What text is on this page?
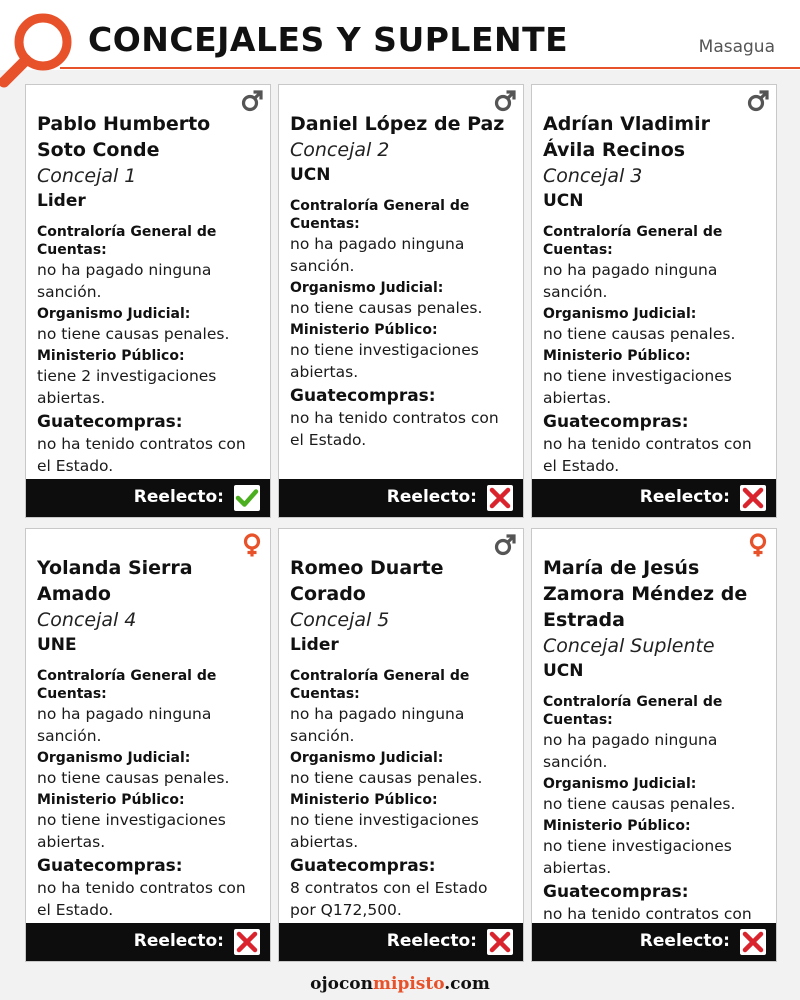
CONCEJALES Y SUPLENTE	Masagua
Pablo Humberto
Soto Conde
Concejal 1
Lider
Contraloría General de Cuentas:
no ha pagado ninguna sanción.
Organismo Judicial:
no tiene causas penales.
Ministerio Público:
tiene 2 investigaciones abiertas.
Guatecompras:
no ha tenido contratos con el Estado.
Reelecto:
Daniel López de Paz
Concejal 2
UCN
Contraloría General de Cuentas:
no ha pagado ninguna sanción.
Organismo Judicial:
no tiene causas penales.
Ministerio Público:
no tiene investigaciones abiertas.
Guatecompras:
no ha tenido contratos con el Estado.
Reelecto:
Adrían Vladimir
Ávila Recinos
Concejal 3
UCN
Contraloría General de Cuentas:
no ha pagado ninguna sanción.
Organismo Judicial:
no tiene causas penales.
Ministerio Público:
no tiene investigaciones abiertas.
Guatecompras:
no ha tenido contratos con el Estado.
Reelecto:
Yolanda Sierra Amado
Concejal 4
UNE
Contraloría General de Cuentas:
no ha pagado ninguna sanción.
Organismo Judicial:
no tiene causas penales.
Ministerio Público:
no tiene investigaciones abiertas.
Guatecompras:
no ha tenido contratos con el Estado.
Reelecto:
Romeo Duarte Corado
Concejal 5
Lider
Contraloría General de Cuentas:
no ha pagado ninguna sanción.
Organismo Judicial:
no tiene causas penales.
Ministerio Público:
no tiene investigaciones abiertas.
Guatecompras:
8 contratos con el Estado por Q172,500.
Reelecto:
María de Jesús
Zamora Méndez de
Estrada
Concejal Suplente
UCN
Contraloría General de Cuentas:
no ha pagado ninguna sanción.
Organismo Judicial:
no tiene causas penales.
Ministerio Público:
no tiene investigaciones abiertas.
Guatecompras:
no ha tenido contratos con
Reelecto:
ojoconmipisto.com
